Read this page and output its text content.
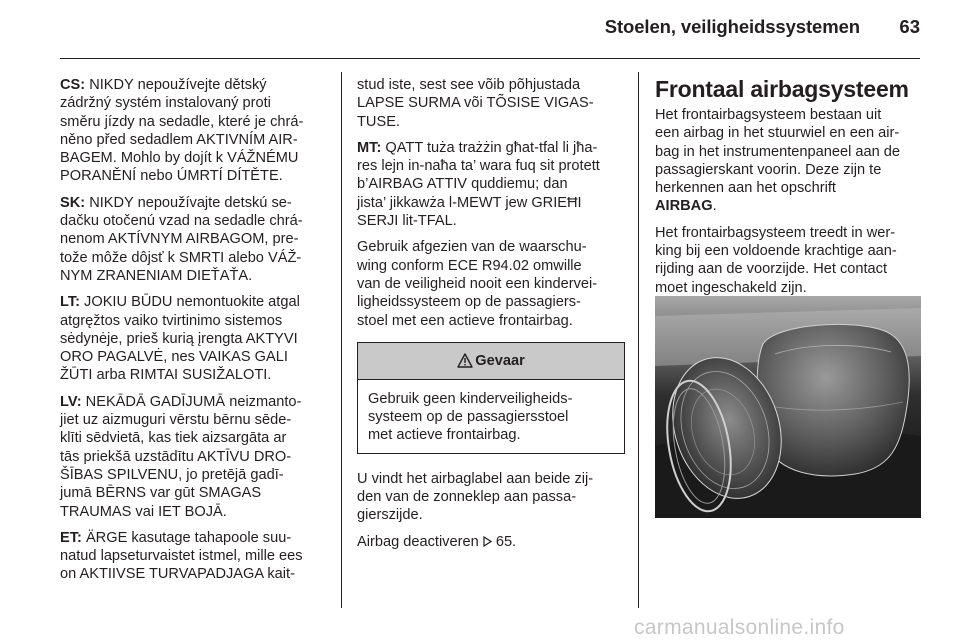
Stoelen, veiligheidssystemen	63

CS: NIKDY nepoužívejte dětský
zádržný systém instalovaný proti
směru jízdy na sedadle, které je chrá-
něno před sedadlem AKTIVNÍM AIR-
BAGEM. Mohlo by dojít k VÁŽNÉMU
PORANĚNÍ nebo ÚMRTÍ DÍTĚTE.

SK: NIKDY nepoužívajte detskú se-
dačku otočenú vzad na sedadle chrá-
nenom AKTÍVNYM AIRBAGOM, pre-
tože môže dôjsť k SMRTI alebo VÁŽ-
NYM ZRANENIAM DIEŤAŤA.

LT: JOKIU BŪDU nemontuokite atgal
atgręžtos vaiko tvirtinimo sistemos
sėdynėje, prieš kurią įrengta AKTYVI
ORO PAGALVĖ, nes VAIKAS GALI
ŽŪTI arba RIMTAI SUSIŽALOTI.

LV: NEKĀDĀ GADĪJUMĀ neizmanto-
jiet uz aizmuguri vērstu bērnu sēde-
klīti sēdvietā, kas tiek aizsargāta ar
tās priekšā uzstādītu AKTĪVU DRO-
ŠĪBAS SPILVENU, jo pretējā gadī-
jumā BĒRNS var gūt SMAGAS
TRAUMAS vai IET BOJĀ.

ET: ÄRGE kasutage tahapoole suu-
natud lapseturvaistet istmel, mille ees
on AKTIIVSE TURVAPADJAGA kait-

stud iste, sest see võib põhjustada
LAPSE SURMA või TÕSISE VIGAS-
TUSE.

MT: QATT tuża trażżin għat-tfal li jħa-
res lejn in-naħa ta’ wara fuq sit protett
b’AIRBAG ATTIV quddiemu; dan
jista’ jikkawża l-MEWT jew GRIEĦI
SERJI lit-TFAL.

Gebruik afgezien van de waarschu-
wing conform ECE R94.02 omwille
van de veiligheid nooit een kindervei-
ligheidssysteem op de passagiers-
stoel met een actieve frontairbag.

Gevaar
Gebruik geen kinderveiligheids-
systeem op de passagiersstoel
met actieve frontairbag.

U vindt het airbaglabel aan beide zij-
den van de zonneklep aan passa-
gierszijde.

Airbag deactiveren 65.

Frontaal airbagsysteem

Het frontairbagsysteem bestaan uit
een airbag in het stuurwiel en een air-
bag in het instrumentenpaneel aan de
passagierskant voorin. Deze zijn te
herkennen aan het opschrift
AIRBAG.

Het frontairbagsysteem treedt in wer-
king bij een voldoende krachtige aan-
rijding aan de voorzijde. Het contact
moet ingeschakeld zijn.

carmanualsonline.info
